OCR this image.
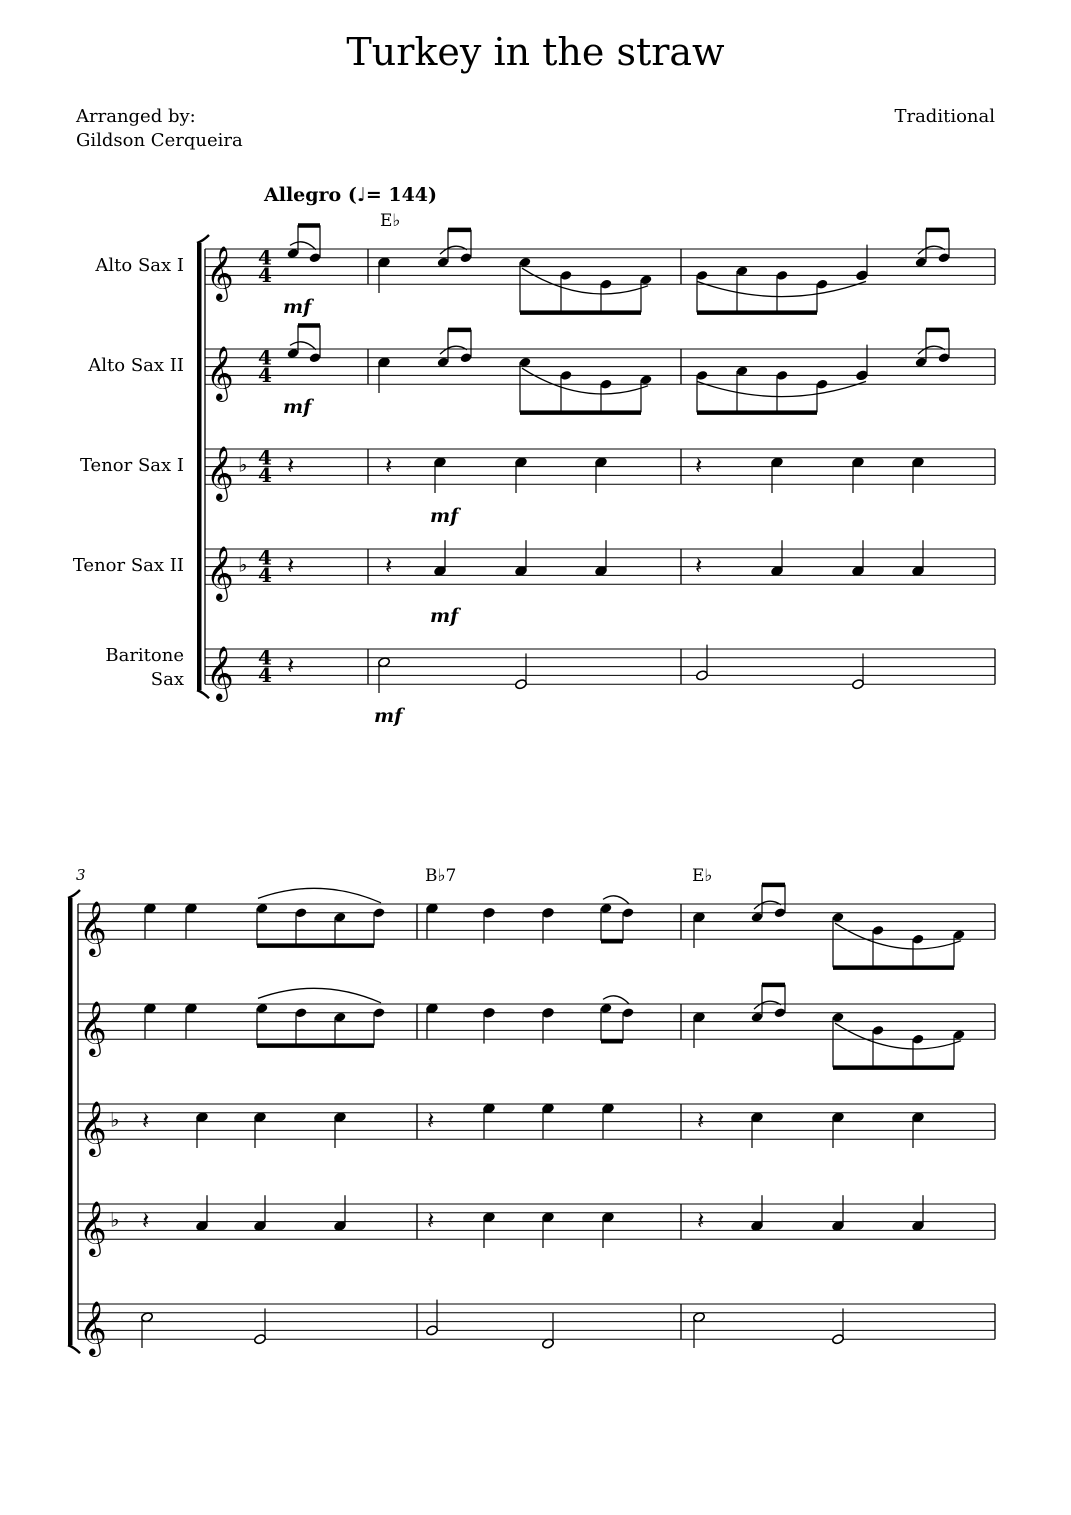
Turkey in the straw
Arranged by:
Gildson Cerqueira
Traditional
Allegro (♩= 144)
Alto Sax I
Alto Sax II
Tenor Sax I
Tenor Sax II
Baritone
Sax
E♭
B♭7	E♭
3
𝄞 4
4
𝄞 4
4
𝄞 ♭ 4
4
𝄞 ♭ 4
4
𝄞 4
4
mf
mf
𝄽	𝄽
mf
𝄽
𝄽	𝄽
mf
𝄽
𝄽
mf
𝄞
𝄞
𝄞 ♭
𝄞 ♭
𝄞
𝄽	𝄽	𝄽
𝄽	𝄽	𝄽
